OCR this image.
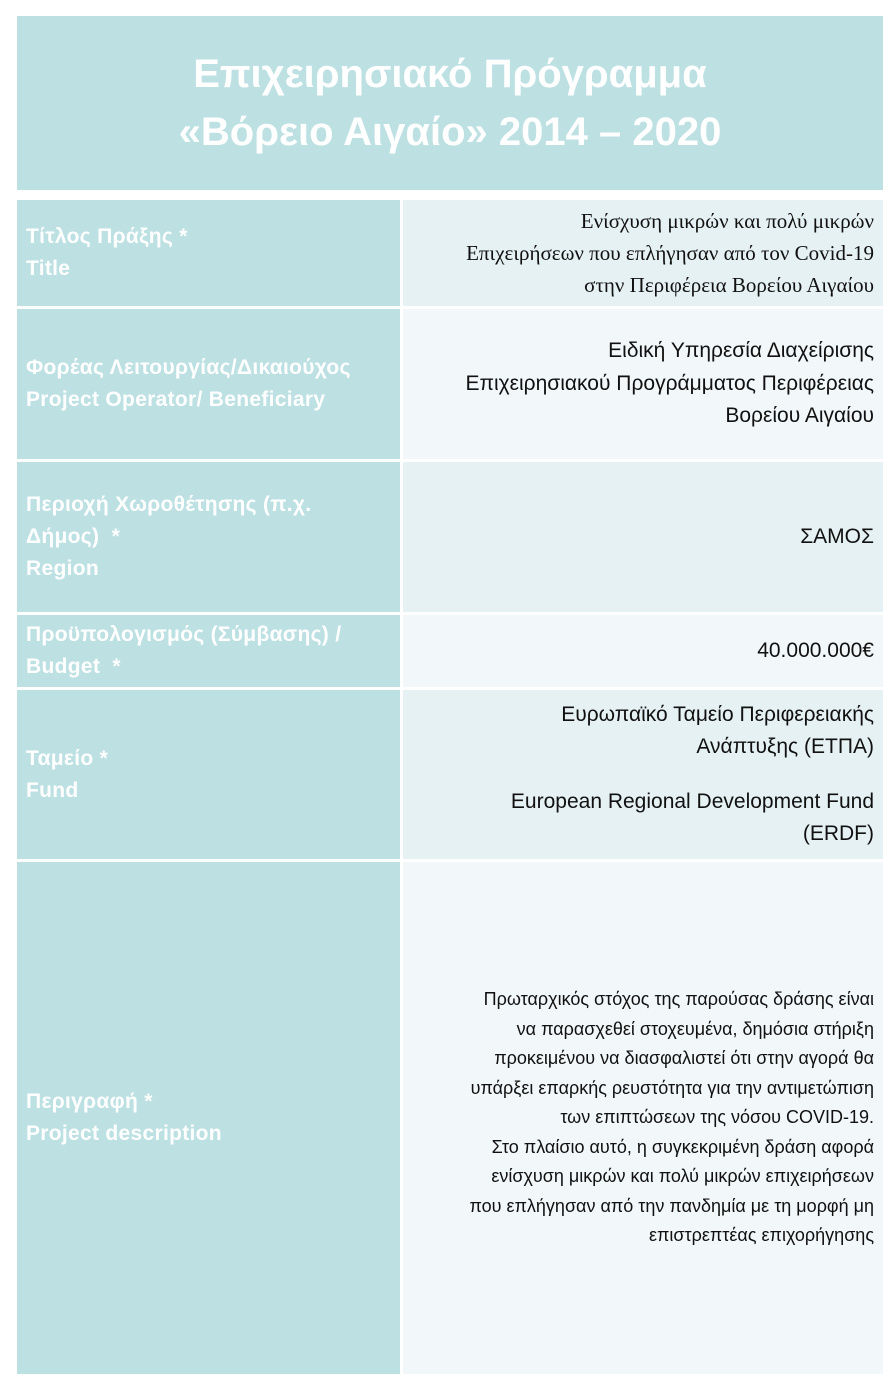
Επιχειρησιακό Πρόγραμμα
«Βόρειο Αιγαίο» 2014 – 2020
Τίτλος Πράξης *
Title
Ενίσχυση μικρών και πολύ μικρών
Επιχειρήσεων που επλήγησαν από τον Covid-19
στην Περιφέρεια Βορείου Αιγαίου
Φορέας Λειτουργίας/Δικαιούχος
Project Operator/ Beneficiary
Ειδική Υπηρεσία Διαχείρισης
Επιχειρησιακού Προγράμματος Περιφέρειας
Βορείου Αιγαίου
Περιοχή Χωροθέτησης (π.χ.
Δήμος)  *
Region
ΣΑΜΟΣ
Προϋπολογισμός (Σύμβασης) /
Budget  *
40.000.000€
Ταμείο *
Fund
Ευρωπαϊκό Ταμείο Περιφερειακής
Ανάπτυξης (ΕΤΠΑ)
European Regional Development Fund
(ERDF)
Περιγραφή *
Project description
Πρωταρχικός στόχος της παρούσας δράσης είναι
να παρασχεθεί στοχευμένα, δημόσια στήριξη
προκειμένου να διασφαλιστεί ότι στην αγορά θα
υπάρξει επαρκής ρευστότητα για την αντιμετώπιση
των επιπτώσεων της νόσου COVID-19.
Στο πλαίσιο αυτό, η συγκεκριμένη δράση αφορά
ενίσχυση μικρών και πολύ μικρών επιχειρήσεων
που επλήγησαν από την πανδημία με τη μορφή μη
επιστρεπτέας επιχορήγησης
